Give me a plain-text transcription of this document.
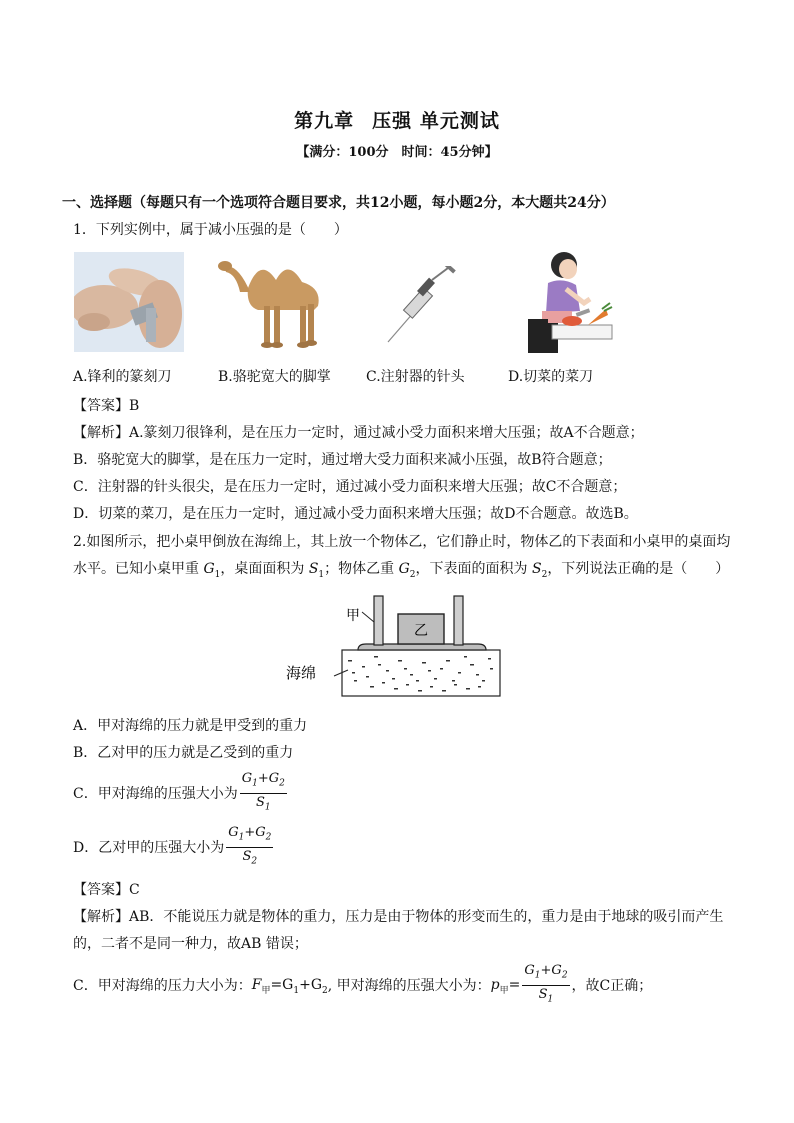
第九章 压强 单元测试
【满分：100分　时间：45分钟】
一、选择题（每题只有一个选项符合题目要求，共12小题，每小题2分，本大题共24分）
1．下列实例中，属于减小压强的是（　　）
A.锋利的篆刻刀	B.骆驼宽大的脚掌	C.注射器的针头	D.切菜的菜刀
【答案】B
【解析】A.篆刻刀很锋利，是在压力一定时，通过减小受力面积来增大压强；故A不合题意；
B．骆驼宽大的脚掌，是在压力一定时，通过增大受力面积来减小压强，故B符合题意；
C．注射器的针头很尖，是在压力一定时，通过减小受力面积来增大压强；故C不合题意；
D．切菜的菜刀，是在压力一定时，通过减小受力面积来增大压强；故D不合题意。故选B。
2.如图所示，把小桌甲倒放在海绵上，其上放一个物体乙，它们静止时，物体乙的下表面和小桌甲的桌面均
水平。已知小桌甲重 $G_1$，桌面面积为 $S_1$；物体乙重 $G_2$，下表面的面积为 $S_2$，下列说法正确的是（　　）
甲
乙
海绵
A．甲对海绵的压力就是甲受到的重力
B．乙对甲的压力就是乙受到的重力
C．甲对海绵的压强大小为 $\frac{G_1+G_2}{S_1}$
D．乙对甲的压强大小为 $\frac{G_1+G_2}{S_2}$
【答案】C
【解析】AB．不能说压力就是物体的重力，压力是由于物体的形变而生的，重力是由于地球的吸引而产生
的，二者不是同一种力，故AB 错误；
C．甲对海绵的压力大小为：$F_甲=G_1+G_2$, 甲对海绵的压强大小为：$p_甲= \frac{G_1+G_2}{S_1}$ ，故C正确；
